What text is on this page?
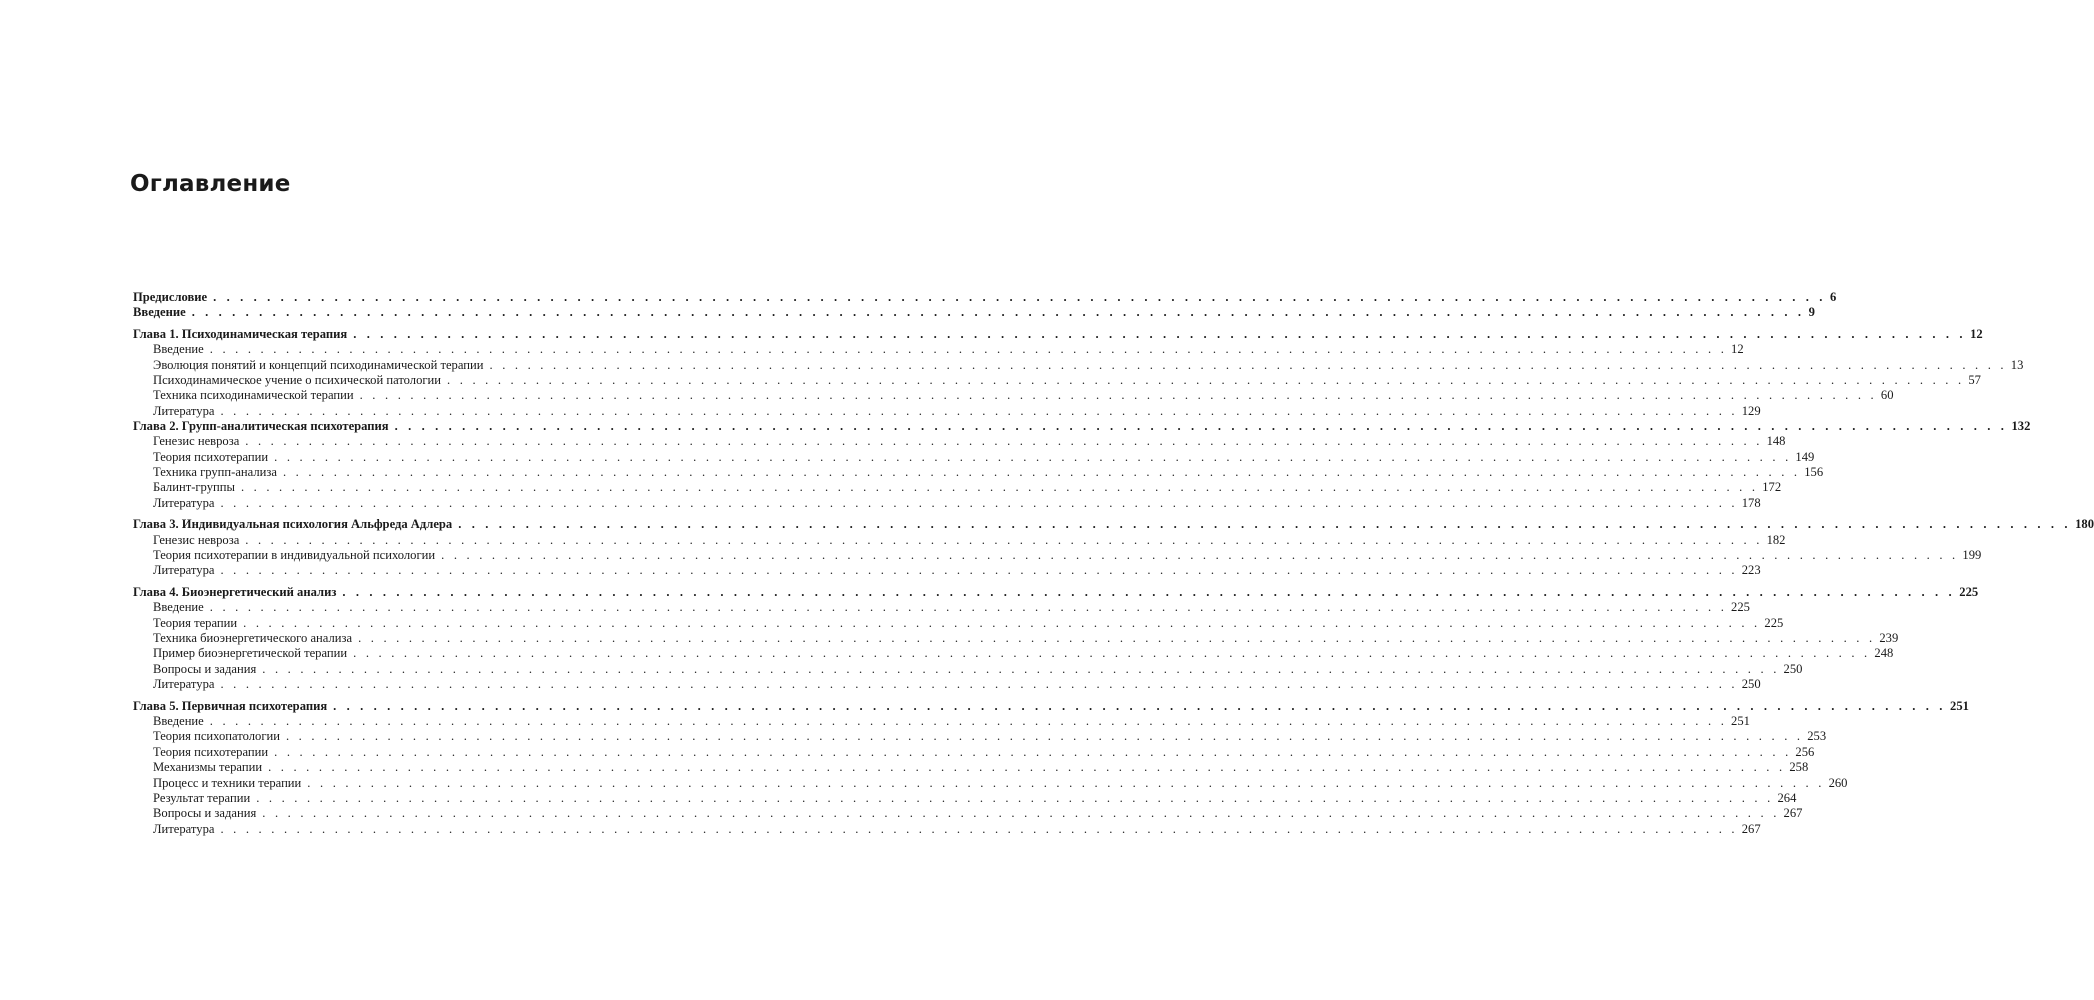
Оглавление
Предисловие . . . . . . . . . . . . . . . . . . . . . . . . . . . . . . . . . . . . . . . . . . . . . . . . . . . . . . . . . . . . . . . . . . . . . . . . . . . . . . . . . . . . . . . . . . . . . . . . . . . . . . . . . . . . . . . . . . . . . . . . 6
Введение . . . . . . . . . . . . . . . . . . . . . . . . . . . . . . . . . . . . . . . . . . . . . . . . . . . . . . . . . . . . . . . . . . . . . . . . . . . . . . . . . . . . . . . . . . . . . . . . . . . . . . . . . . . . . . . . . . . . . . . . 9
Глава 1. Психодинамическая терапия . . . . . . . . . . . . . . . . . . . . . . . . . . . . . . . . . . . . . . . . . . . . . . . . . . . . . . . . . . . . . . . . . . . . . . . . . . . . . . . . . . . . . . . . . . . . . . . . . . . . . . . . . . . . . . . . . . . . . . . . 12
Введение . . . . . . . . . . . . . . . . . . . . . . . . . . . . . . . . . . . . . . . . . . . . . . . . . . . . . . . . . . . . . . . . . . . . . . . . . . . . . . . . . . . . . . . . . . . . . . . . . . . . . . . . . . . . . . . . . . . . . . . . 12
Эволюция понятий и концепций психодинамической терапии . . . . . . . . . . . . . . . . . . . . . . . . . . . . . . . . . . . . . . . . . . . . . . . . . . . . . . . . . . . . . . . . . . . . . . . . . . . . . . . . . . . . . . . . . . . . . . . . . . . . . . . . . . . . . . . . . . . . . . . . 13
Психодинамическое учение о психической патологии . . . . . . . . . . . . . . . . . . . . . . . . . . . . . . . . . . . . . . . . . . . . . . . . . . . . . . . . . . . . . . . . . . . . . . . . . . . . . . . . . . . . . . . . . . . . . . . . . . . . . . . . . . . . . . . . . . . . . . . . 57
Техника психодинамической терапии . . . . . . . . . . . . . . . . . . . . . . . . . . . . . . . . . . . . . . . . . . . . . . . . . . . . . . . . . . . . . . . . . . . . . . . . . . . . . . . . . . . . . . . . . . . . . . . . . . . . . . . . . . . . . . . . . . . . . . . . 60
Литература . . . . . . . . . . . . . . . . . . . . . . . . . . . . . . . . . . . . . . . . . . . . . . . . . . . . . . . . . . . . . . . . . . . . . . . . . . . . . . . . . . . . . . . . . . . . . . . . . . . . . . . . . . . . . . . . . . . . . . . . 129
Глава 2. Групп-аналитическая психотерапия . . . . . . . . . . . . . . . . . . . . . . . . . . . . . . . . . . . . . . . . . . . . . . . . . . . . . . . . . . . . . . . . . . . . . . . . . . . . . . . . . . . . . . . . . . . . . . . . . . . . . . . . . . . . . . . . . . . . . . . . 132
Генезис невроза . . . . . . . . . . . . . . . . . . . . . . . . . . . . . . . . . . . . . . . . . . . . . . . . . . . . . . . . . . . . . . . . . . . . . . . . . . . . . . . . . . . . . . . . . . . . . . . . . . . . . . . . . . . . . . . . . . . . . . . . 148
Теория психотерапии . . . . . . . . . . . . . . . . . . . . . . . . . . . . . . . . . . . . . . . . . . . . . . . . . . . . . . . . . . . . . . . . . . . . . . . . . . . . . . . . . . . . . . . . . . . . . . . . . . . . . . . . . . . . . . . . . . . . . . . . 149
Техника групп-анализа . . . . . . . . . . . . . . . . . . . . . . . . . . . . . . . . . . . . . . . . . . . . . . . . . . . . . . . . . . . . . . . . . . . . . . . . . . . . . . . . . . . . . . . . . . . . . . . . . . . . . . . . . . . . . . . . . . . . . . . . 156
Балинт-группы . . . . . . . . . . . . . . . . . . . . . . . . . . . . . . . . . . . . . . . . . . . . . . . . . . . . . . . . . . . . . . . . . . . . . . . . . . . . . . . . . . . . . . . . . . . . . . . . . . . . . . . . . . . . . . . . . . . . . . . . 172
Литература . . . . . . . . . . . . . . . . . . . . . . . . . . . . . . . . . . . . . . . . . . . . . . . . . . . . . . . . . . . . . . . . . . . . . . . . . . . . . . . . . . . . . . . . . . . . . . . . . . . . . . . . . . . . . . . . . . . . . . . . 178
Глава 3. Индивидуальная психология Альфреда Адлера . . . . . . . . . . . . . . . . . . . . . . . . . . . . . . . . . . . . . . . . . . . . . . . . . . . . . . . . . . . . . . . . . . . . . . . . . . . . . . . . . . . . . . . . . . . . . . . . . . . . . . . . . . . . . . . . . . . . . . . . 180
Генезис невроза . . . . . . . . . . . . . . . . . . . . . . . . . . . . . . . . . . . . . . . . . . . . . . . . . . . . . . . . . . . . . . . . . . . . . . . . . . . . . . . . . . . . . . . . . . . . . . . . . . . . . . . . . . . . . . . . . . . . . . . . 182
Теория психотерапии в индивидуальной психологии . . . . . . . . . . . . . . . . . . . . . . . . . . . . . . . . . . . . . . . . . . . . . . . . . . . . . . . . . . . . . . . . . . . . . . . . . . . . . . . . . . . . . . . . . . . . . . . . . . . . . . . . . . . . . . . . . . . . . . . . 199
Литература . . . . . . . . . . . . . . . . . . . . . . . . . . . . . . . . . . . . . . . . . . . . . . . . . . . . . . . . . . . . . . . . . . . . . . . . . . . . . . . . . . . . . . . . . . . . . . . . . . . . . . . . . . . . . . . . . . . . . . . . 223
Глава 4. Биоэнергетический анализ . . . . . . . . . . . . . . . . . . . . . . . . . . . . . . . . . . . . . . . . . . . . . . . . . . . . . . . . . . . . . . . . . . . . . . . . . . . . . . . . . . . . . . . . . . . . . . . . . . . . . . . . . . . . . . . . . . . . . . . . 225
Введение . . . . . . . . . . . . . . . . . . . . . . . . . . . . . . . . . . . . . . . . . . . . . . . . . . . . . . . . . . . . . . . . . . . . . . . . . . . . . . . . . . . . . . . . . . . . . . . . . . . . . . . . . . . . . . . . . . . . . . . . 225
Теория терапии . . . . . . . . . . . . . . . . . . . . . . . . . . . . . . . . . . . . . . . . . . . . . . . . . . . . . . . . . . . . . . . . . . . . . . . . . . . . . . . . . . . . . . . . . . . . . . . . . . . . . . . . . . . . . . . . . . . . . . . . 225
Техника биоэнергетического анализа . . . . . . . . . . . . . . . . . . . . . . . . . . . . . . . . . . . . . . . . . . . . . . . . . . . . . . . . . . . . . . . . . . . . . . . . . . . . . . . . . . . . . . . . . . . . . . . . . . . . . . . . . . . . . . . . . . . . . . . . 239
Пример биоэнергетической терапии . . . . . . . . . . . . . . . . . . . . . . . . . . . . . . . . . . . . . . . . . . . . . . . . . . . . . . . . . . . . . . . . . . . . . . . . . . . . . . . . . . . . . . . . . . . . . . . . . . . . . . . . . . . . . . . . . . . . . . . . 248
Вопросы и задания . . . . . . . . . . . . . . . . . . . . . . . . . . . . . . . . . . . . . . . . . . . . . . . . . . . . . . . . . . . . . . . . . . . . . . . . . . . . . . . . . . . . . . . . . . . . . . . . . . . . . . . . . . . . . . . . . . . . . . . . 250
Литература . . . . . . . . . . . . . . . . . . . . . . . . . . . . . . . . . . . . . . . . . . . . . . . . . . . . . . . . . . . . . . . . . . . . . . . . . . . . . . . . . . . . . . . . . . . . . . . . . . . . . . . . . . . . . . . . . . . . . . . . 250
Глава 5. Первичная психотерапия . . . . . . . . . . . . . . . . . . . . . . . . . . . . . . . . . . . . . . . . . . . . . . . . . . . . . . . . . . . . . . . . . . . . . . . . . . . . . . . . . . . . . . . . . . . . . . . . . . . . . . . . . . . . . . . . . . . . . . . . 251
Введение . . . . . . . . . . . . . . . . . . . . . . . . . . . . . . . . . . . . . . . . . . . . . . . . . . . . . . . . . . . . . . . . . . . . . . . . . . . . . . . . . . . . . . . . . . . . . . . . . . . . . . . . . . . . . . . . . . . . . . . . 251
Теория психопатологии . . . . . . . . . . . . . . . . . . . . . . . . . . . . . . . . . . . . . . . . . . . . . . . . . . . . . . . . . . . . . . . . . . . . . . . . . . . . . . . . . . . . . . . . . . . . . . . . . . . . . . . . . . . . . . . . . . . . . . . . 253
Теория психотерапии . . . . . . . . . . . . . . . . . . . . . . . . . . . . . . . . . . . . . . . . . . . . . . . . . . . . . . . . . . . . . . . . . . . . . . . . . . . . . . . . . . . . . . . . . . . . . . . . . . . . . . . . . . . . . . . . . . . . . . . . 256
Механизмы терапии . . . . . . . . . . . . . . . . . . . . . . . . . . . . . . . . . . . . . . . . . . . . . . . . . . . . . . . . . . . . . . . . . . . . . . . . . . . . . . . . . . . . . . . . . . . . . . . . . . . . . . . . . . . . . . . . . . . . . . . . 258
Процесс и техники терапии . . . . . . . . . . . . . . . . . . . . . . . . . . . . . . . . . . . . . . . . . . . . . . . . . . . . . . . . . . . . . . . . . . . . . . . . . . . . . . . . . . . . . . . . . . . . . . . . . . . . . . . . . . . . . . . . . . . . . . . . 260
Результат терапии . . . . . . . . . . . . . . . . . . . . . . . . . . . . . . . . . . . . . . . . . . . . . . . . . . . . . . . . . . . . . . . . . . . . . . . . . . . . . . . . . . . . . . . . . . . . . . . . . . . . . . . . . . . . . . . . . . . . . . . . 264
Вопросы и задания . . . . . . . . . . . . . . . . . . . . . . . . . . . . . . . . . . . . . . . . . . . . . . . . . . . . . . . . . . . . . . . . . . . . . . . . . . . . . . . . . . . . . . . . . . . . . . . . . . . . . . . . . . . . . . . . . . . . . . . . 267
Литература . . . . . . . . . . . . . . . . . . . . . . . . . . . . . . . . . . . . . . . . . . . . . . . . . . . . . . . . . . . . . . . . . . . . . . . . . . . . . . . . . . . . . . . . . . . . . . . . . . . . . . . . . . . . . . . . . . . . . . . . 267
